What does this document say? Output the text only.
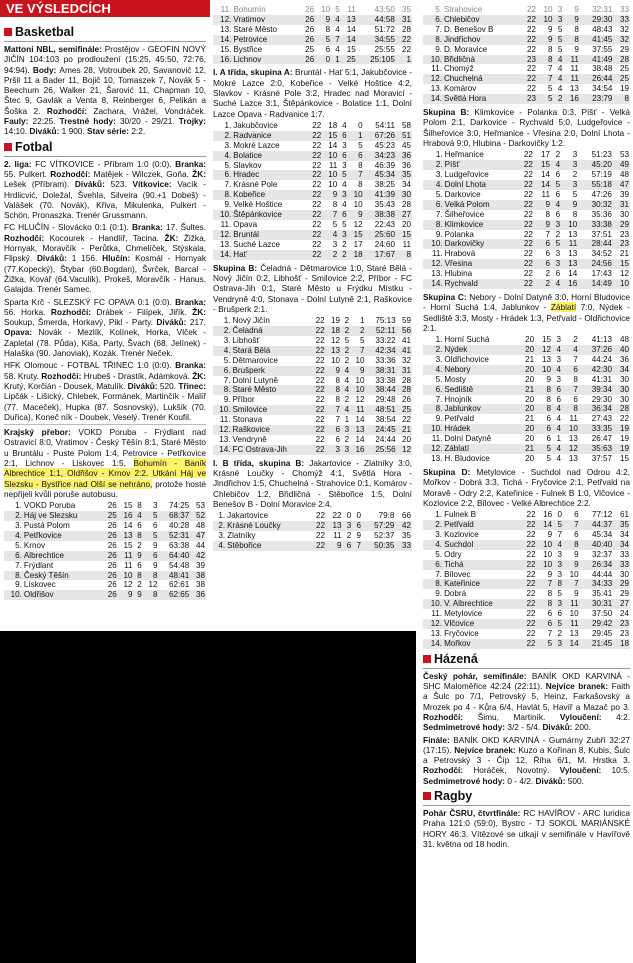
VE VÝSLEDCÍCH
Basketbal
Mattoni NBL, semifinále: Prostějov - GEOFIN NOVÝ JIČÍN 104:103 po prodloužení (15:25, 45:50, 72:76, 94:94). Body: Ames 28, Votroubek 20, Savanović 12, Pršil 11 a Bader 11, Bojič 10, Tomaszek 7, Novák 5 - Beechum 26, Walker 21, Šarović 11, Chapman 10, Štec 9, Gavlák a Venta 8, Reinberger 6, Pelikán a Šoška 2. Rozhodčí: Zachara, Vrážel, Vondráček. Fauly: 22:25. Trestné hody: 30/20 - 29/21. Trojky: 14:10. Diváků: 1 900. Stav série: 2:2.
Fotbal
2. liga: FC VÍTKOVICE - Příbram 1:0 (0:0). Branka: 55. Pulkert. Rozhodčí: Matějek - Wilczek, Goňa. ŽK: Lešek (Příbram). Diváků: 523. Vítkovice: Vacík - Hrdlicvić, Doležal, Švehla, Silveira (90.+1 Dobeš) - Valášek (70. Novák), Křiva, Mikulenka, Pulkert - Schön, Pronaszka. Trenér Grussmann.
FC HLUČÍN - Slovácko 0:1 (0:1). Branka: 17. Šultes. Rozhodčí: Kocourek - Handlíř, Tacina. ŽK: Žižka, Hornyak, Moravčík - Perůtka, Chmelíček, Stýskala, Flipský. Diváků: 1 156. Hlučín: Kosmál - Hornyak (77.Kopecký), Štybar (60.Bogdan), Švrček, Barcal - Žižka, Kovář (64.Vaculík), Prokeš, Moravčík - Hanus, Galajda. Trenér Samec.
Sparta Krč - SLEZSKÝ FC OPAVA 0:1 (0:0). Branka: 56. Horka. Rozhodčí: Drábek - Filípek, Jiřík. ŽK: Soukup, Šmerda, Horkavý, Pikl - Party. Diváků: 217. Opava: Novák - Mezlík, Kolínek, Horka, Vlček - Zapletal (78. Půda), Kiša, Party, Švach (68. Jelínek) - Halaška (90. Janoviak), Kozák. Trenér Neček.
HFK Olomouc - FOTBAL TŘINEC 1:0 (0:0). Branka: 58. Kruty. Rozhodčí: Hrubeš - Drastík, Adámková. ŽK: Krutý, Korčián - Dousek, Matulík. Diváků: 520. Třinec: Lipčák - Lišický, Chlebek, Formánek, Martinčík - Malíř (77. Maceček), Hupka (87. Sosnovský), Lukšík (70. Duřica), Koneč ník - Doubek, Veselý. Trenér Koufil.
Krajský přebor: VOKD Poruba - Frýdlant nad Ostravicí 8:0, Vratimov - Český Těšín 8:1, Staré Město u Bruntálu - Puste Polom 1:4, Petrovice - Petřkovice 2:1, Lichnov - Liskovec 1:5, Bohumín - Baník Albrechtice 1:1, Oldřišov - Krnov 2:2. Utkání Háj ve Slezsku - Bystřice nad Olší se nehráno, protože hosté nepřijeli kvůli poruše autobusu.
1.	VOKD Poruba	26	15	8	3	74:25	53
2.	Háj ve Slezsku	25	16	4	5	68:37	52
3.	Pustá Polom	26	14	6	6	40:28	48
4.	Petřkovice	26	13	8	5	52:31	47
5.	Krnov	26	15	2	9	63:38	44
6.	Albrechtice	26	11	9	6	64:40	42
7.	Frýdlant	26	11	6	9	54:48	39
8.	Český Těšín	26	10	8	8	48:41	38
9.	Lískovec	26	12	2	12	62:61	38
10.	Oldřišov	26	9	9	8	62:65	36
11.	Bohumín	26	10	5	11	43:50	35
12.	Vratimov	26	9	4	13	44:58	31
13.	Staré Město	26	8	4	14	51:72	28
14.	Petrovice	26	5	7	14	34:55	22
15.	Bystřice	25	6	4	15	25:55	22
16.	Lichnov	26	0	1	25	25:105	1
I. A třída, skupina A: Bruntál - Hať 5:1, Jakubčovice - Mokré Lazce 2:0, Kobeřice - Velké Hoštice 4:2, Slavkov - Krásné Pole 3:2, Hradec nad Moravicí - Suché Lazce 3:1, Štěpánkovice - Bolatice 1:1, Dolní Lazce Opava - Radvanice 1:7.
1.	Jakubčovice	22	18	4	0	54:11	58
2.	Radvanice	22	15	6	1	67:26	51
3.	Mokré Lazce	22	14	3	5	45:23	45
4.	Bolatice	22	10	6	6	34:23	36
5.	Slavkov	22	11	3	8	46:39	36
6.	Hradec	22	10	5	7	45:34	35
7.	Krásné Pole	22	10	4	8	38:25	34
8.	Kobeřice	22	9	3	10	41:39	30
9.	Velké Hoštice	22	8	4	10	35:43	28
10.	Štěpánkovice	22	7	6	9	38:38	27
11.	Opava	22	5	5	12	22:43	20
12.	Bruntál	22	4	3	15	25:60	15
13.	Suché Lazce	22	3	2	17	24:60	11
14.	Hať	22	2	2	18	17:67	8
Skupina B: Čeladná - Dětmarovice 1:0, Staré Bělá - Nový Jičín 0:2, Libhošť - Smilovice 2:2, Příbor - FC Ostrava-Jih 0:1, Staré Město u Frýdku Místku - Vendryně 4:0, Stonava - Dolní Lutyně 2:1, Raškovice - Brušperk 2:1.
1.	Nový Jičín	22	19	2	1	75:13	59
2.	Čeladná	22	18	2	2	52:11	56
3.	Libhošť	22	12	5	5	33:22	41
4.	Stará Bělá	22	13	2	7	42:34	41
5.	Dětmarovice	22	10	2	10	33:36	32
6.	Brušperk	22	9	4	9	38:31	31
7.	Dolní Lutyně	22	8	4	10	33:38	28
8.	Staré Město	22	8	4	10	38:44	28
9.	Příbor	22	8	2	12	29:48	26
10.	Smilovice	22	7	4	11	48:51	25
11.	Stonava	22	7	1	14	38:54	22
12.	Raškovice	22	6	3	13	24:45	21
13.	Vendryně	22	6	2	14	24:44	20
14.	FC Ostrava-Jih	22	3	3	16	25:56	12
I. B třída, skupina B: Jakartovice - Zlatníky 3:0, Krásné Loučky - Chomýž 4:1, Světlá Hora - Jindřichov 1:5, Chuchelná - Strahovice 0:1, Komárov - Chlebičov 1:2, Břidličná - Stěbořice 1:5, Dolní Benešov B - Dolní Moravice 2:4.
1.	Jakartovice	22	22	0	0	79:8	66
2.	Krásné Loučky	22	13	3	6	57:29	42
3.	Zlatníky	22	11	2	9	52:37	35
4.	Stěbořice	22	9	6	7	50:35	33
5.	Strahovice	22	10	3	9	32:31	33
6.	Chlebičov	22	10	3	9	29:30	33
7.	D. Benešov B	22	9	5	8	48:43	32
8.	Jindřichov	22	9	5	8	41:45	32
9.	D. Moravice	22	8	5	9	37:55	29
10.	Břidličná	23	8	4	11	41:49	28
11.	Chomýž	22	7	4	11	38:48	25
12.	Chuchelná	22	7	4	11	26:44	25
13.	Komárov	22	5	4	13	34:54	19
14.	Světlá Hora	23	5	2	16	23:79	8
Skupina B: Klimkovice - Polanka 0:3, Píšť - Velká Polom 2:1, Darkovice - Rychvald 5:0, Ludgeřovice - Šilheřovice 3:0, Heřmanice - Vřesina 2:0, Dolní Lhota - Hrabová 9:0, Hlubina - Darkovičky 1:2.
1.	Heřmanice	22	17	2	3	51:23	53
2.	Píšť	22	15	4	3	45:20	49
3.	Ludgeřovice	22	14	6	2	57:19	48
4.	Dolní Lhota	22	14	5	3	55:18	47
5.	Darkovice	22	11	6	5	47:26	39
6.	Velká Polom	22	9	4	9	30:32	31
7.	Šilheřovice	22	8	6	8	35:36	30
8.	Klimkovice	22	9	3	10	33:38	29
9.	Polanka	22	7	2	13	37:51	23
10.	Darkovičky	22	6	5	11	28:44	23
11.	Hrabová	22	6	3	13	34:52	21
12.	Vřesina	22	6	3	13	24:56	15
13.	Hlubina	22	2	6	14	17:43	12
14.	Rychvald	22	2	4	16	14:49	10
Skupina C: Nebory - Dolní Datyně 3:0, Horní Bludovice - Horní Suchá 1:4, Jablunkov - Záblatí 7:0, Nýdek - Sedliště 3:3, Mosty - Hrádek 1:3, Petřvald - Oldřichovice 2:1.
1.	Horní Suchá	20	15	3	2	41:13	48
2.	Nýdek	20	12	4	4	37:26	40
3.	Oldřichovice	21	13	3	7	44:24	36
4.	Nebory	20	10	4	6	42:30	34
5.	Mosty	20	9	3	8	41:31	30
6.	Sedliště	21	8	6	7	39:34	30
7.	Hnojník	20	8	6	6	29:30	30
8.	Jablunkov	20	8	4	8	36:34	28
9.	Petřvald	21	6	4	11	27:43	22
10.	Hrádek	20	6	4	10	33:35	19
11.	Dolní Datyně	20	6	1	13	26:47	19
12.	Záblatí	21	5	4	12	35:63	19
13.	H. Bludovice	20	5	4	13	37:57	15
Skupina D: Metylovice - Suchdol nad Odrou 4:2, Mořkov - Dobrá 3:3, Tichá - Fryčovice 2:1, Petřvald na Moravě - Odry 2:2, Kateřinice - Fulnek B 1:0, Vlčovice - Kozlovice 2:2, Bílovec - Velké Albrechtice 2:2.
1.	Fulnek B	22	16	0	6	77:12	61
2.	Petřvald	22	14	5	7	44:37	35
3.	Kozlovice	22	9	7	6	45:34	34
4.	Suchdol	22	10	4	8	40:40	34
5.	Odry	22	10	3	9	32:37	33
6.	Tichá	22	10	3	9	26:34	33
7.	Bílovec	22	9	3	10	44:44	30
8.	Kateřinice	22	7	8	7	34:33	29
9.	Dobrá	22	8	5	9	35:41	29
10.	V. Albrechtice	22	8	3	11	30:31	27
11.	Metylovice	22	6	6	10	37:50	24
12.	Vlčovice	22	6	5	11	29:42	23
13.	Fryčovice	22	7	2	13	29:45	23
14.	Mořkov	22	5	3	14	21:45	18
Házená
Český pohár, semifinále: BANÍK OKD KARVINÁ - SHC Maloměřice 42:24 (22:11). Nejvíce branek: Faith a Šulc po 7/1, Petrovský 5, Heinz, Farkašovský a Mrozek po 4 - Kůra 6/4, Havlát 5, Havíř a Mazač po 3. Rozhodčí: Šimu, Martiník. Vyloučení: 4:2. Sedmimetrové hody: 3/2 - 5/4. Diváků: 200.
Finále: BANÍK OKD KARVINÁ - Gumárny Zubří 32:27 (17:15). Nejvíce branek: Kuzo a Kořínan 8, Kubis, Šulc a Petrovský 3 - Číp 12, Říha 6/1, M. Hrstka 3. Rozhodčí: Horáček, Novotný. Vyloučení: 10:5. Sedmimetrové hody: 0 - 4/2. Diváků: 500.
Ragby
Pohár ČSRU, čtvrtfinále: RC HAVÍŘOV - ARC Iuridica Praha 121:0 (59:0), Bystrc - TJ SOKOL MARIÁNSKÉ HORY 46:3. Vítězové se utkají v semifinále v Havířově 31. května od 18 hodin.
